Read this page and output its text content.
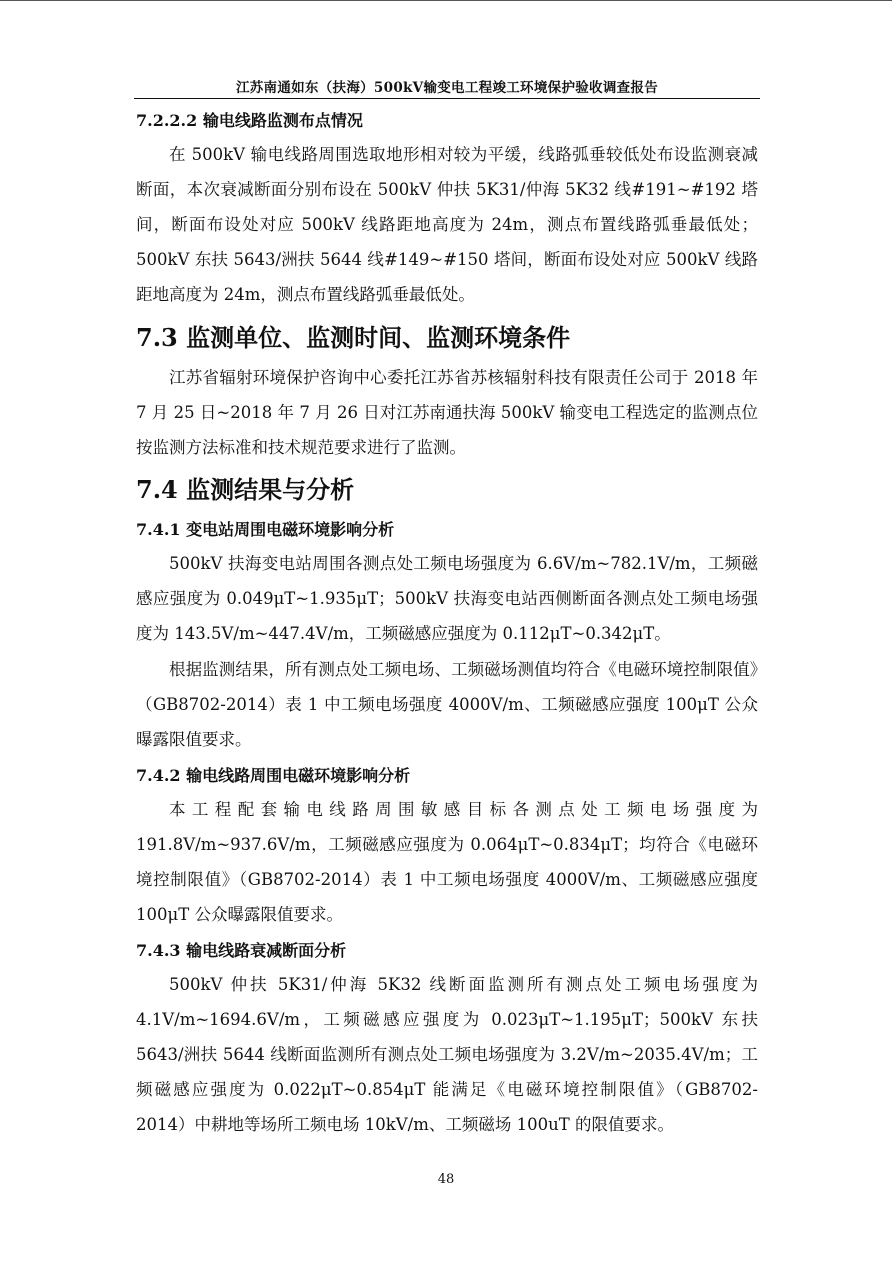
江苏南通如东（扶海）500kV输变电工程竣工环境保护验收调查报告
7.2.2.2 输电线路监测布点情况

在 500kV 输电线路周围选取地形相对较为平缓，线路弧垂较低处布设监测衰减断面，本次衰减断面分别布设在 500kV 仲扶 5K31/仲海 5K32 线#191~#192 塔间，断面布设处对应 500kV 线路距地高度为 24m，测点布置线路弧垂最低处；500kV 东扶 5643/洲扶 5644 线#149~#150 塔间，断面布设处对应 500kV 线路距地高度为 24m，测点布置线路弧垂最低处。

7.3 监测单位、监测时间、监测环境条件

江苏省辐射环境保护咨询中心委托江苏省苏核辐射科技有限责任公司于 2018 年 7 月 25 日~2018 年 7 月 26 日对江苏南通扶海 500kV 输变电工程选定的监测点位按监测方法标准和技术规范要求进行了监测。

7.4 监测结果与分析
7.4.1 变电站周围电磁环境影响分析

500kV 扶海变电站周围各测点处工频电场强度为 6.6V/m~782.1V/m，工频磁感应强度为 0.049μT~1.935μT；500kV 扶海变电站西侧断面各测点处工频电场强度为 143.5V/m~447.4V/m，工频磁感应强度为 0.112μT~0.342μT。

根据监测结果，所有测点处工频电场、工频磁场测值均符合《电磁环境控制限值》（GB8702-2014）表 1 中工频电场强度 4000V/m、工频磁感应强度 100μT 公众曝露限值要求。

7.4.2 输电线路周围电磁环境影响分析

本工程配套输电线路周围敏感目标各测点处工频电场强度为 191.8V/m~937.6V/m，工频磁感应强度为 0.064μT~0.834μT；均符合《电磁环境控制限值》（GB8702-2014）表 1 中工频电场强度 4000V/m、工频磁感应强度 100μT 公众曝露限值要求。

7.4.3 输电线路衰减断面分析

500kV 仲扶 5K31/仲海 5K32 线断面监测所有测点处工频电场强度为 4.1V/m~1694.6V/m，工频磁感应强度为 0.023μT~1.195μT；500kV 东扶 5643/洲扶 5644 线断面监测所有测点处工频电场强度为 3.2V/m~2035.4V/m；工频磁感应强度为 0.022μT~0.854μT 能满足《电磁环境控制限值》（GB8702-2014）中耕地等场所工频电场 10kV/m、工频磁场 100uT 的限值要求。

48
